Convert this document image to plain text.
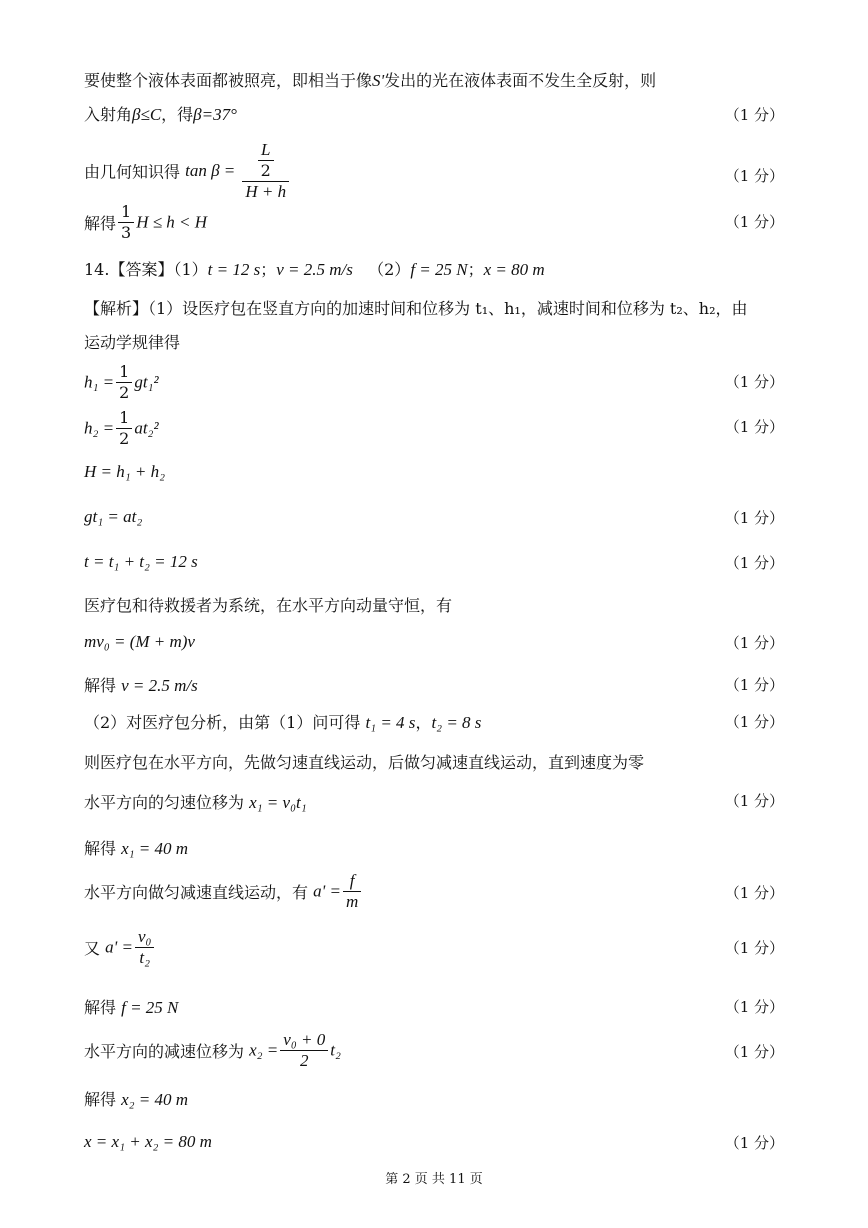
要使整个液体表面都被照亮，即相当于像S'发出的光在液体表面不发生全反射，则
入射角β≤C，得β=37°	（1 分）
由几何知识得 $\tan \beta = \frac{\frac{L}{2}}{H + h}$	（1 分）
解得 $\frac{1}{3}$ H ≤ h < H	（1 分）
14.【答案】（1）t = 12 s；v = 2.5 m/s （2）f = 25 N；x = 80 m
【解析】（1）设医疗包在竖直方向的加速时间和位移为 t₁、h₁，减速时间和位移为 t₂、h₂，由
运动学规律得
$h_1 = \frac{1}{2} gt_1^2$	（1 分）
$h_2 = \frac{1}{2} at_2^2$	（1 分）
H = h₁ + h₂
gt₁ = at₂	（1 分）
t = t₁ + t₂ = 12 s	（1 分）
医疗包和待救援者为系统，在水平方向动量守恒，有
mv₀ = (M + m)v	（1 分）
解得 v = 2.5 m/s	（1 分）
（2）对医疗包分析，由第（1）问可得 t₁ = 4 s，t₂ = 8 s	（1 分）
则医疗包在水平方向，先做匀速直线运动，后做匀减速直线运动，直到速度为零
水平方向的匀速位移为 x₁ = v₀t₁	（1 分）
解得 x₁ = 40 m
水平方向做匀减速直线运动，有 $a' = \frac{f}{m}$	（1 分）
又 $a' = \frac{\text{v₀}}{\text{t₂}}$	（1 分）
解得 f = 25 N	（1 分）
水平方向的减速位移为 $x_2 = \frac{\text{v₀ + 0}}{2} t_2$	（1 分）
解得 x₂ = 40 m
x = x₁ + x₂ = 80 m	（1 分）
第 2 页 共 11 页
